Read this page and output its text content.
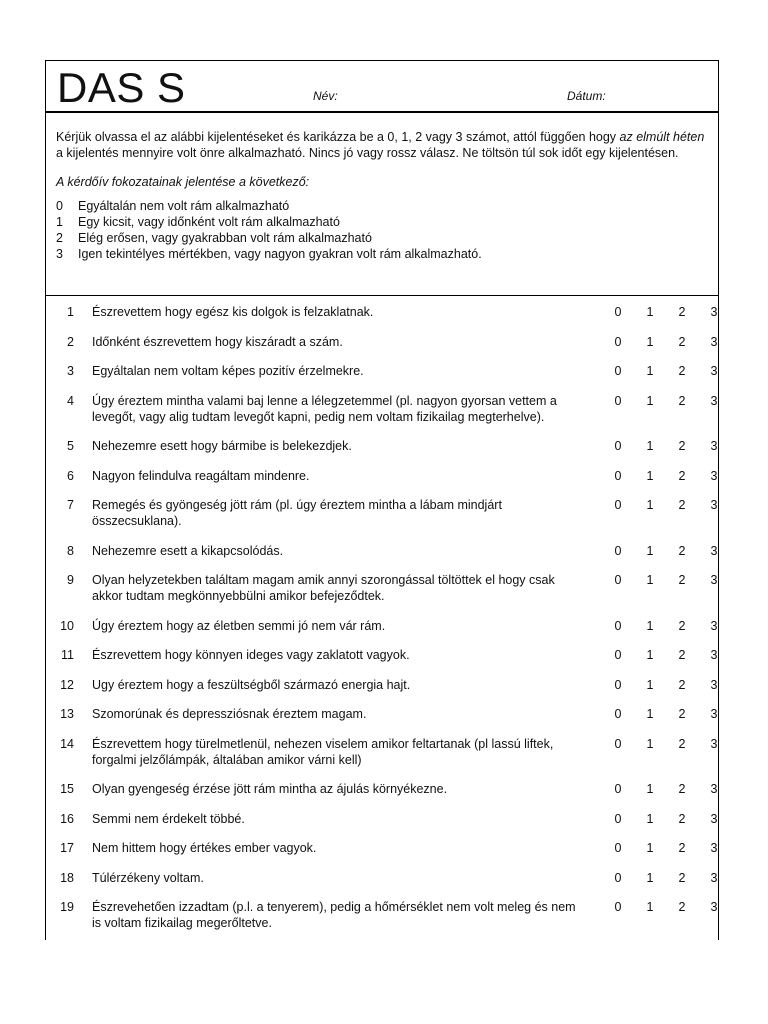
DAS S	Név:	Dátum:

Kérjük olvassa el az alábbi kijelentéseket és karikázza be a 0, 1, 2 vagy 3 számot, attól függően hogy az elmúlt héten a kijelentés mennyire volt önre alkalmazható. Nincs jó vagy rossz válasz. Ne töltsön túl sok időt egy kijelentésen.

A kérdőív fokozatainak jelentése a következő:

0	Egyáltalán nem volt rám alkalmazható
1	Egy kicsit, vagy időnként volt rám alkalmazható
2	Elég erősen, vagy gyakrabban volt rám alkalmazható
3	Igen tekintélyes mértékben, vagy nagyon gyakran volt rám alkalmazható.
1	Észrevettem hogy egész kis dolgok is felzaklatnak.	0	1	2	3
2	Időnként észrevettem hogy kiszáradt a szám.	0	1	2	3
3	Egyáltalan nem voltam képes pozitív érzelmekre.	0	1	2	3
4	Úgy éreztem mintha valami baj lenne a lélegzetemmel (pl. nagyon gyorsan vettem a levegőt, vagy alig tudtam levegőt kapni, pedig nem voltam fizikailag megterhelve).
0	1	2	3
5	Nehezemre esett hogy bármibe is belekezdjek.	0	1	2	3
6	Nagyon felindulva reagáltam mindenre.	0	1	2	3
7	Remegés és gyöngeség jött rám (pl. úgy éreztem mintha a lábam mindjárt összecsuklana).
0	1	2	3
8	Nehezemre esett a kikapcsolódás.	0	1	2	3
9	Olyan helyzetekben találtam magam amik annyi szorongással töltöttek el hogy csak akkor tudtam megkönnyebbülni amikor befejeződtek.
0	1	2	3
10	Úgy éreztem hogy az életben semmi jó nem vár rám.	0	1	2	3
11	Észrevettem hogy könnyen ideges vagy zaklatott vagyok.	0	1	2	3
12	Ugy éreztem hogy a feszültségből származó energia hajt.	0	1	2	3
13	Szomorúnak és depressziósnak éreztem magam.	0	1	2	3
14	Észrevettem hogy türelmetlenül, nehezen viselem amikor feltartanak (pl lassú liftek, forgalmi jelzőlámpák, általában amikor várni kell)
0	1	2	3
15	Olyan gyengeség érzése jött rám mintha az ájulás környékezne.	0	1	2	3
16	Semmi nem érdekelt többé.	0	1	2	3
17	Nem hittem hogy értékes ember vagyok.	0	1	2	3
18	Túlérzékeny voltam.	0	1	2	3
19	Észrevehetően izzadtam (p.l. a tenyerem), pedig a hőmérséklet nem volt meleg és nem is voltam fizikailag megerőltetve.
0	1	2	3
